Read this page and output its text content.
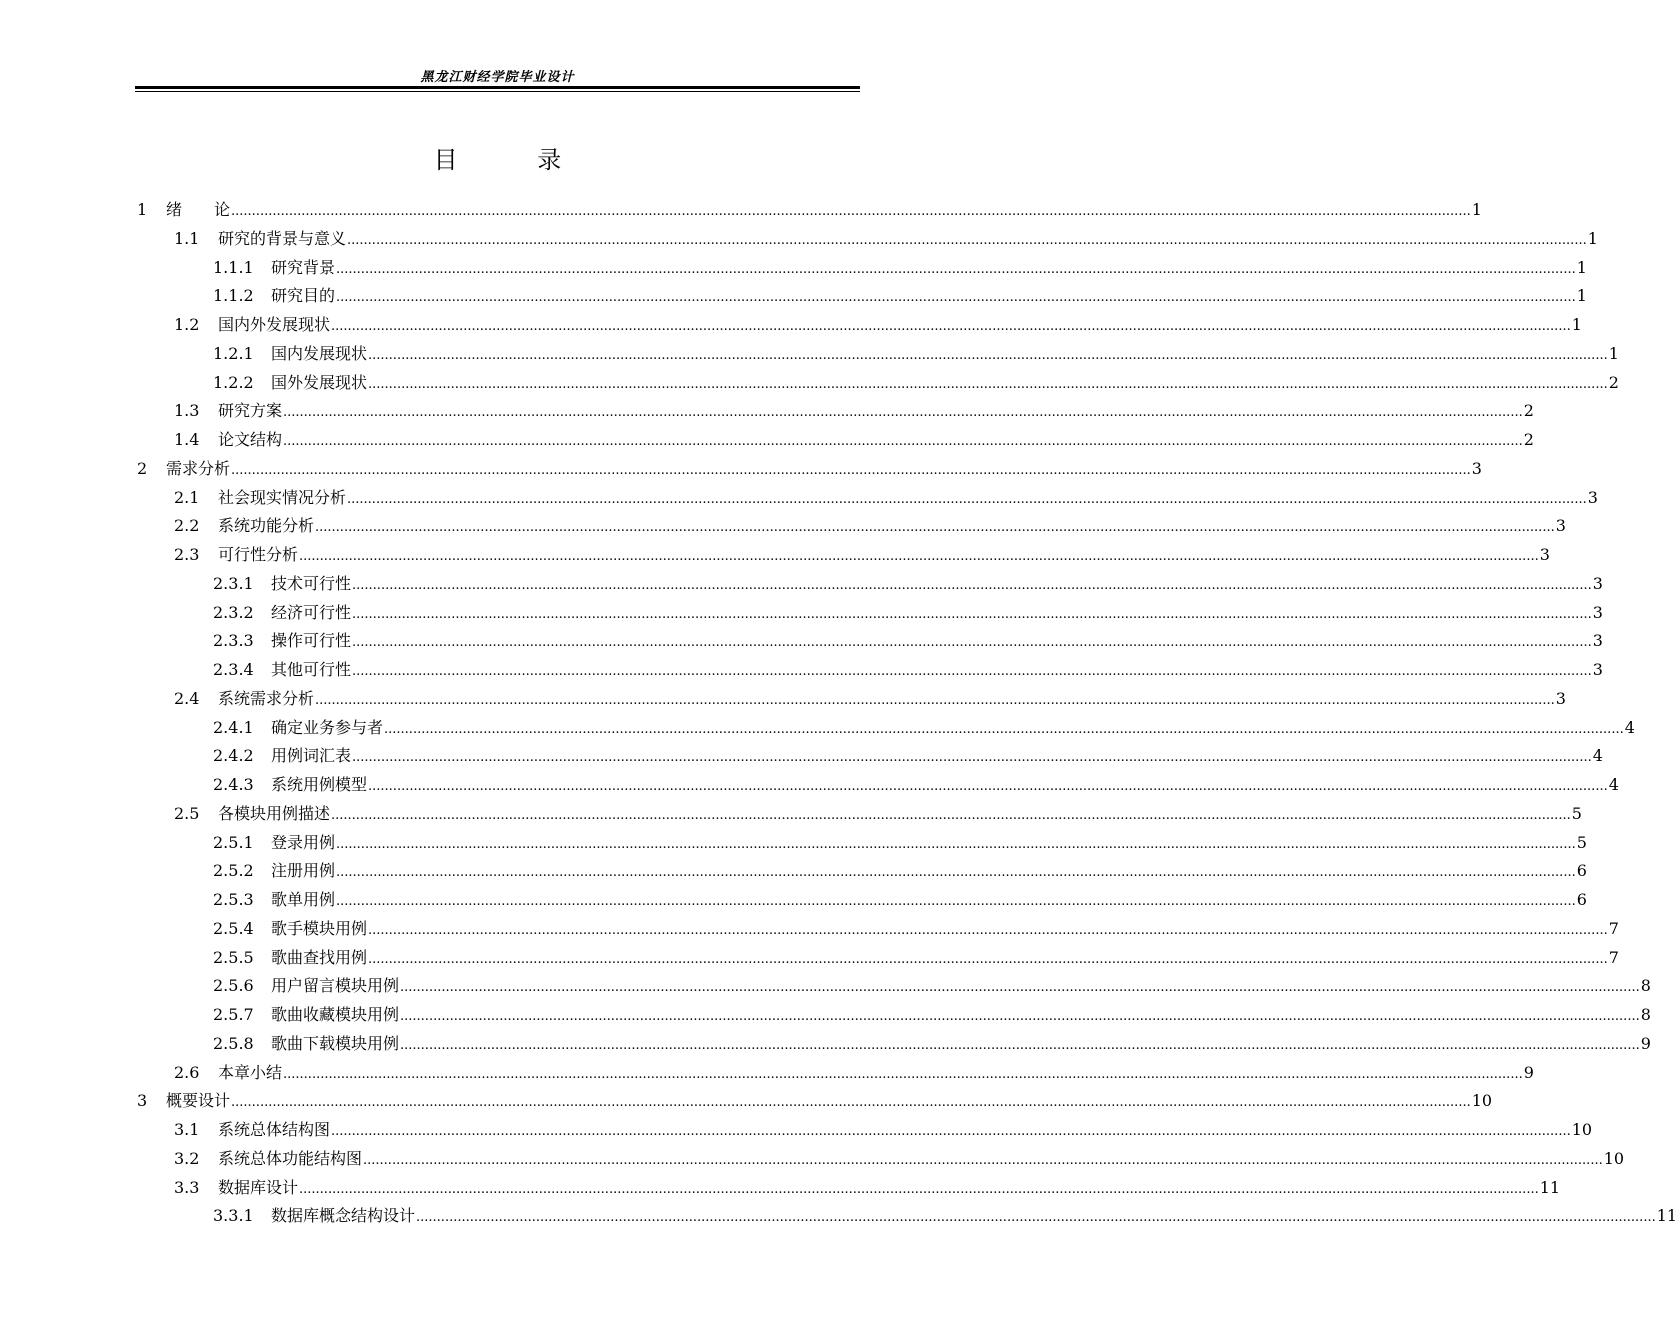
黑龙江财经学院毕业设计
目 录
1	绪　　论 ............................................................................................................................................................................................................................................................................................................ 1
1.1	研究的背景与意义 ............................................................................................................................................................................................................................................................................................................ 1
1.1.1	研究背景 ............................................................................................................................................................................................................................................................................................................ 1
1.1.2	研究目的 ............................................................................................................................................................................................................................................................................................................ 1
1.2	国内外发展现状 ............................................................................................................................................................................................................................................................................................................ 1
1.2.1	国内发展现状 ............................................................................................................................................................................................................................................................................................................ 1
1.2.2	国外发展现状 ............................................................................................................................................................................................................................................................................................................ 2
1.3	研究方案 ............................................................................................................................................................................................................................................................................................................ 2
1.4	论文结构 ............................................................................................................................................................................................................................................................................................................ 2
2	需求分析 ............................................................................................................................................................................................................................................................................................................ 3
2.1	社会现实情况分析 ............................................................................................................................................................................................................................................................................................................ 3
2.2	系统功能分析 ............................................................................................................................................................................................................................................................................................................ 3
2.3	可行性分析 ............................................................................................................................................................................................................................................................................................................ 3
2.3.1	技术可行性 ............................................................................................................................................................................................................................................................................................................ 3
2.3.2	经济可行性 ............................................................................................................................................................................................................................................................................................................ 3
2.3.3	操作可行性 ............................................................................................................................................................................................................................................................................................................ 3
2.3.4	其他可行性 ............................................................................................................................................................................................................................................................................................................ 3
2.4	系统需求分析 ............................................................................................................................................................................................................................................................................................................ 3
2.4.1	确定业务参与者 ............................................................................................................................................................................................................................................................................................................ 4
2.4.2	用例词汇表 ............................................................................................................................................................................................................................................................................................................ 4
2.4.3	系统用例模型 ............................................................................................................................................................................................................................................................................................................ 4
2.5	各模块用例描述 ............................................................................................................................................................................................................................................................................................................ 5
2.5.1	登录用例 ............................................................................................................................................................................................................................................................................................................ 5
2.5.2	注册用例 ............................................................................................................................................................................................................................................................................................................ 6
2.5.3	歌单用例 ............................................................................................................................................................................................................................................................................................................ 6
2.5.4	歌手模块用例 ............................................................................................................................................................................................................................................................................................................ 7
2.5.5	歌曲查找用例 ............................................................................................................................................................................................................................................................................................................ 7
2.5.6	用户留言模块用例 ............................................................................................................................................................................................................................................................................................................ 8
2.5.7	歌曲收藏模块用例 ............................................................................................................................................................................................................................................................................................................ 8
2.5.8	歌曲下载模块用例 ............................................................................................................................................................................................................................................................................................................ 9
2.6	本章小结 ............................................................................................................................................................................................................................................................................................................ 9
3	概要设计 ............................................................................................................................................................................................................................................................................................................ 10
3.1	系统总体结构图 ............................................................................................................................................................................................................................................................................................................ 10
3.2	系统总体功能结构图 ............................................................................................................................................................................................................................................................................................................ 10
3.3	数据库设计 ............................................................................................................................................................................................................................................................................................................ 11
3.3.1	数据库概念结构设计 ............................................................................................................................................................................................................................................................................................................ 11
